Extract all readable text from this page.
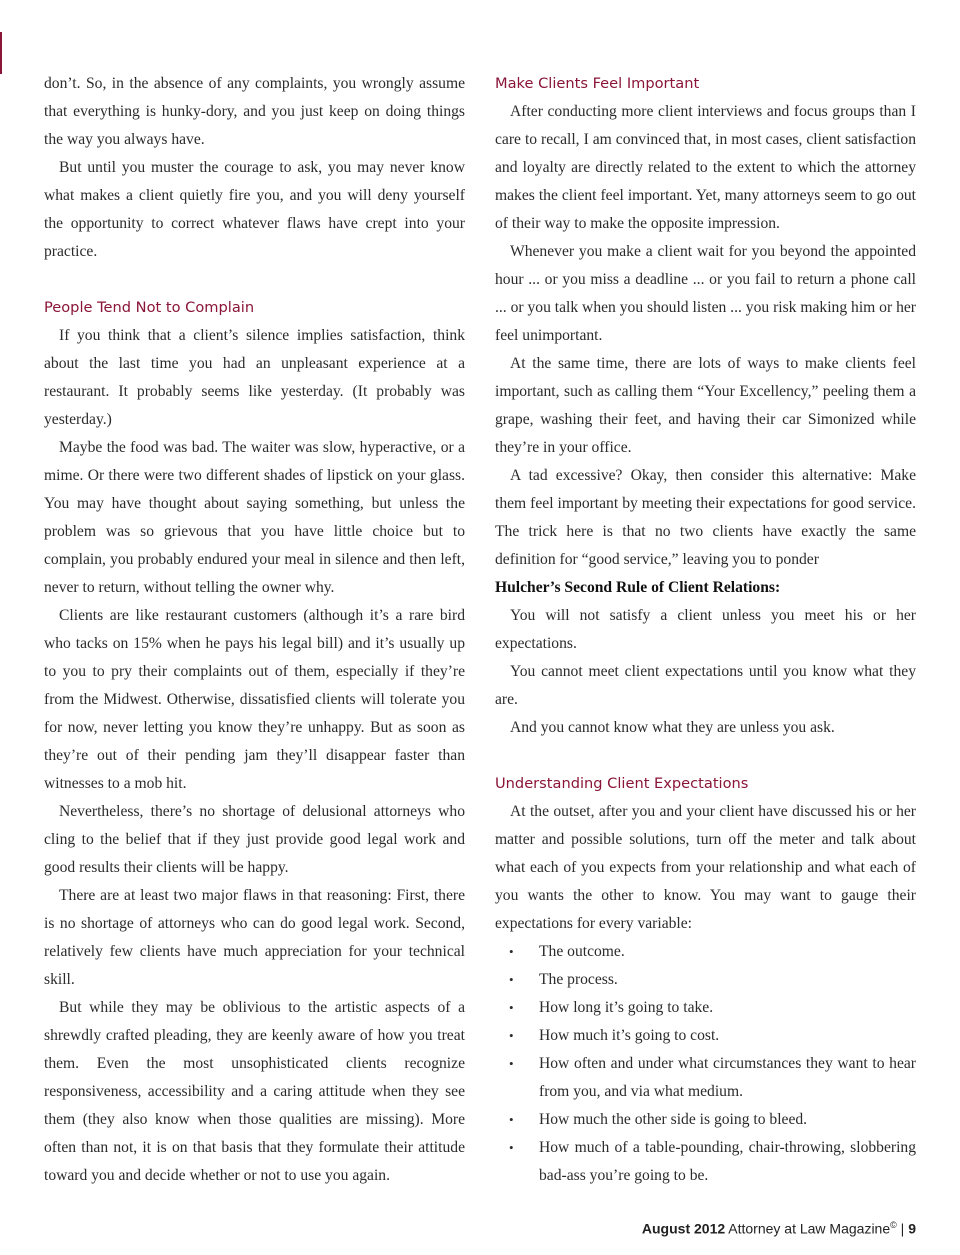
don’t. So, in the absence of any complaints, you wrongly assume that everything is hunky-dory, and you just keep on doing things the way you always have.

But until you muster the courage to ask, you may never know what makes a client quietly fire you, and you will deny yourself the opportunity to correct whatever flaws have crept into your practice.

People Tend Not to Complain

If you think that a client’s silence implies satisfaction, think about the last time you had an unpleasant experience at a restaurant. It probably seems like yesterday. (It probably was yesterday.)

Maybe the food was bad. The waiter was slow, hyperactive, or a mime. Or there were two different shades of lipstick on your glass. You may have thought about saying something, but unless the problem was so grievous that you have little choice but to complain, you probably endured your meal in silence and then left, never to return, without telling the owner why.

Clients are like restaurant customers (although it’s a rare bird who tacks on 15% when he pays his legal bill) and it’s usually up to you to pry their complaints out of them, especially if they’re from the Midwest. Otherwise, dissatisfied clients will tolerate you for now, never letting you know they’re unhappy. But as soon as they’re out of their pending jam they’ll disappear faster than witnesses to a mob hit.

Nevertheless, there’s no shortage of delusional attorneys who cling to the belief that if they just provide good legal work and good results their clients will be happy.

There are at least two major flaws in that reasoning: First, there is no shortage of attorneys who can do good legal work. Second, relatively few clients have much appreciation for your technical skill.

But while they may be oblivious to the artistic aspects of a shrewdly crafted pleading, they are keenly aware of how you treat them. Even the most unsophisticated clients recognize responsiveness, accessibility and a caring attitude when they see them (they also know when those qualities are missing). More often than not, it is on that basis that they formulate their attitude toward you and decide whether or not to use you again.

Make Clients Feel Important

After conducting more client interviews and focus groups than I care to recall, I am convinced that, in most cases, client satisfaction and loyalty are directly related to the extent to which the attorney makes the client feel important. Yet, many attorneys seem to go out of their way to make the opposite impression.

Whenever you make a client wait for you beyond the appointed hour ... or you miss a deadline ... or you fail to return a phone call ... or you talk when you should listen ... you risk making him or her feel unimportant.

At the same time, there are lots of ways to make clients feel important, such as calling them “Your Excellency,” peeling them a grape, washing their feet, and having their car Simonized while they’re in your office.

A tad excessive? Okay, then consider this alternative: Make them feel important by meeting their expectations for good service. The trick here is that no two clients have exactly the same definition for “good service,” leaving you to ponder

Hulcher’s Second Rule of Client Relations:

You will not satisfy a client unless you meet his or her expectations.

You cannot meet client expectations until you know what they are.

And you cannot know what they are unless you ask.

Understanding Client Expectations

At the outset, after you and your client have discussed his or her matter and possible solutions, turn off the meter and talk about what each of you expects from your relationship and what each of you wants the other to know. You may want to gauge their expectations for every variable:

• The outcome.
• The process.
• How long it’s going to take.
• How much it’s going to cost.
• How often and under what circumstances they want to hear from you, and via what medium.
• How much the other side is going to bleed.
• How much of a table-pounding, chair-throwing, slobbering bad-ass you’re going to be.
August 2012 Attorney at Law Magazine© | 9
